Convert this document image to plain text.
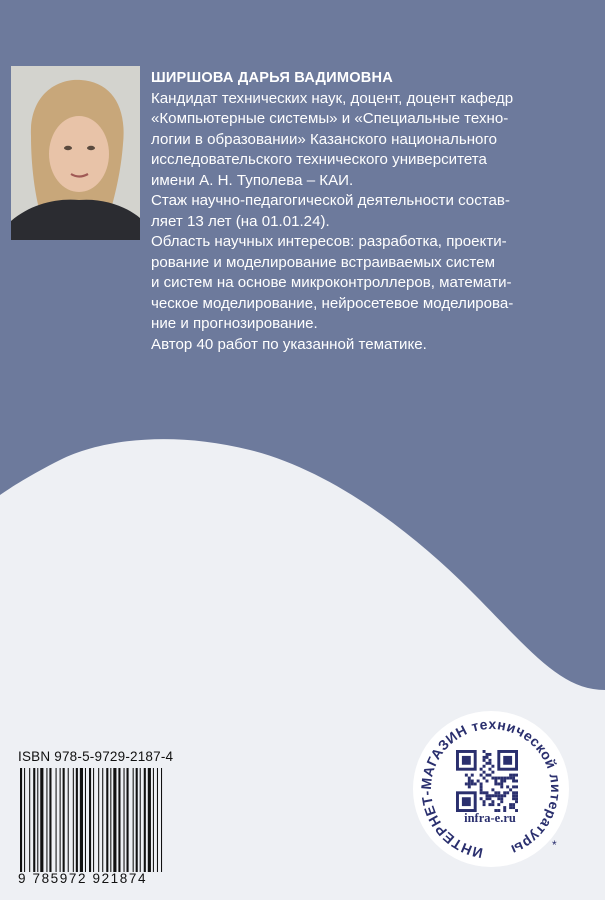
ШИРШОВА ДАРЬЯ ВАДИМОВНА

Кандидат технических наук, доцент, доцент кафедр
«Компьютерные системы» и «Специальные техно-
логии в образовании» Казанского национального
исследовательского технического университета
имени А. Н. Туполева – КАИ.

Стаж научно-педагогической деятельности состав-
ляет 13 лет (на 01.01.24).

Область научных интересов: разработка, проекти-
рование и моделирование встраиваемых систем
и систем на основе микроконтроллеров, математи-
ческое моделирование, нейросетевое моделирова-
ние и прогнозирование.

Автор 40 работ по указанной тематике.

ISBN 978-5-9729-2187-4
9 785972 921874
ИНТЕРНЕТ-МАГАЗИН технической литературы	*
infra-e.ru
